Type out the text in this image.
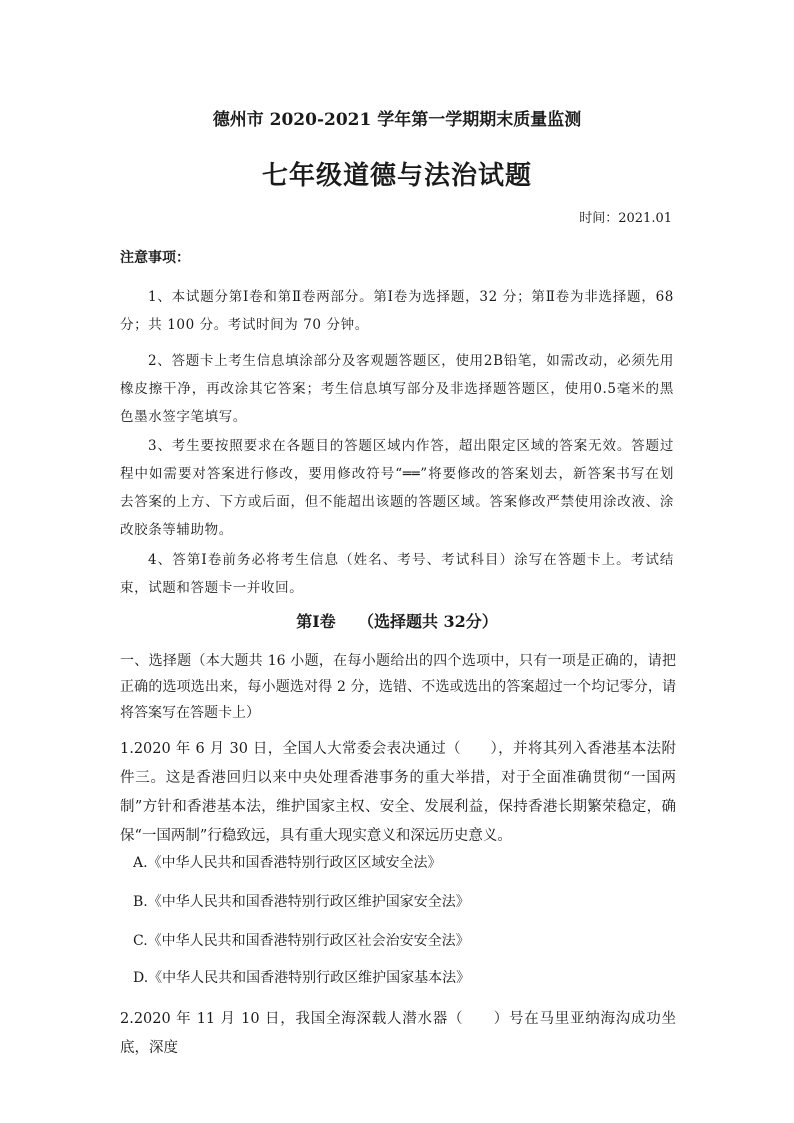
德州市 2020-2021 学年第一学期期末质量监测
七年级道德与法治试题
时间：2021.01
注意事项：
1、本试题分第Ⅰ卷和第Ⅱ卷两部分。第Ⅰ卷为选择题，32 分；第Ⅱ卷为非选择题，68 分；共 100 分。考试时间为 70 分钟。
2、答题卡上考生信息填涂部分及客观题答题区，使用2B铅笔，如需改动，必须先用橡皮擦干净，再改涂其它答案；考生信息填写部分及非选择题答题区，使用0.5毫米的黑色墨水签字笔填写。
3、考生要按照要求在各题目的答题区域内作答，超出限定区域的答案无效。答题过程中如需要对答案进行修改，要用修改符号“══”将要修改的答案划去，新答案书写在划去答案的上方、下方或后面，但不能超出该题的答题区域。答案修改严禁使用涂改液、涂改胶条等辅助物。
4、答第Ⅰ卷前务必将考生信息（姓名、考号、考试科目）涂写在答题卡上。考试结束，试题和答题卡一并收回。
第Ⅰ卷 （选择题共 32分）
一、选择题（本大题共 16 小题，在每小题给出的四个选项中，只有一项是正确的，请把正确的选项选出来，每小题选对得 2 分，选错、不选或选出的答案超过一个均记零分，请将答案写在答题卡上）
1.2020 年 6 月 30 日，全国人大常委会表决通过（　　），并将其列入香港基本法附件三。这是香港回归以来中央处理香港事务的重大举措，对于全面准确贯彻“一国两制”方针和香港基本法，维护国家主权、安全、发展利益，保持香港长期繁荣稳定，确保“一国两制”行稳致远，具有重大现实意义和深远历史意义。
A.《中华人民共和国香港特别行政区区域安全法》
B.《中华人民共和国香港特别行政区维护国家安全法》
C.《中华人民共和国香港特别行政区社会治安安全法》
D.《中华人民共和国香港特别行政区维护国家基本法》
2.2020 年 11 月 10 日，我国全海深载人潜水器（　　）号在马里亚纳海沟成功坐底，深度
